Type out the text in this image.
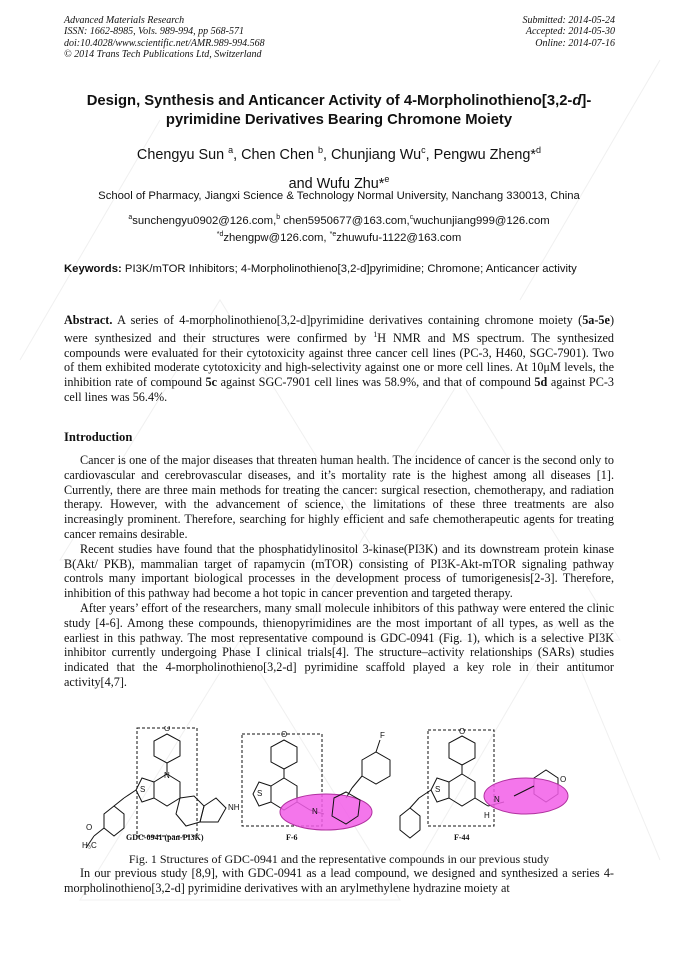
Advanced Materials Research
ISSN: 1662-8985, Vols. 989-994, pp 568-571
doi:10.4028/www.scientific.net/AMR.989-994.568
© 2014 Trans Tech Publications Ltd, Switzerland
Submitted: 2014-05-24
Accepted: 2014-05-30
Online: 2014-07-16
Design, Synthesis and Anticancer Activity of 4-Morpholinothieno[3,2-d]-
pyrimidine Derivatives Bearing Chromone Moiety
Chengyu Sun $^a$, Chen Chen $^b$, Chunjiang Wu$^c$, Pengwu Zheng*$^d$
and Wufu Zhu*$^e$
School of Pharmacy, Jiangxi Science & Technology Normal University, Nanchang 330013, China
$^a$sunchengyu0902@126.com,$^b$ chen5950677@163.com,$^c$wuchunjiang999@126.com
$^{*d}$zhengpw@126.com, $^{*e}$zhuwufu-1122@163.com
Keywords: PI3K/mTOR Inhibitors; 4-Morpholinothieno[3,2-d]pyrimidine; Chromone; Anticancer activity
Abstract. A series of 4-morpholinothieno[3,2-d]pyrimidine derivatives containing chromone moiety (5a-5e) were synthesized and their structures were confirmed by $^1$H NMR and MS spectrum. The synthesized compounds were evaluated for their cytotoxicity against three cancer cell lines (PC-3, H460, SGC-7901). Two of them exhibited moderate cytotoxicity and high-selectivity against one or more cell lines. At 10μM levels, the inhibition rate of compound 5c against SGC-7901 cell lines was 58.9%, and that of compound 5d against PC-3 cell lines was 56.4%.
Introduction

Cancer is one of the major diseases that threaten human health. The incidence of cancer is the second only to cardiovascular and cerebrovascular diseases, and it’s mortality rate is the highest among all diseases [1]. Currently, there are three main methods for treating the cancer: surgical resection, chemotherapy, and radiation therapy. However, with the advancement of science, the limitations of these three treatments are also increasingly prominent. Therefore, searching for highly efficient and safe chemotherapeutic agents for treating cancer remains desirable.

Recent studies have found that the phosphatidylinositol 3-kinase(PI3K) and its downstream protein kinase B(Akt/ PKB), mammalian target of rapamycin (mTOR) consisting of PI3K-Akt-mTOR signaling pathway controls many important biological processes in the development process of tumorigenesis[2-3]. Therefore, inhibition of this pathway had become a hot topic in cancer prevention and targeted therapy.

After years’ effort of the researchers, many small molecule inhibitors of this pathway were entered the clinic study [4-6]. Among these compounds, thienopyrimidines are the most important of all types, as well as the earliest in this pathway. The most representative compound is GDC-0941 (Fig. 1), which is a selective PI3K inhibitor currently undergoing Phase I clinical trials[4]. The structure–activity relationships (SARs) studies indicated that the 4-morpholinothieno[3,2-d] pyrimidine scaffold played a key role in their antitumor activity[4,7].

O
S
N
NH
O
H₃C
O
S
F
N
O
S
N
H
O
GDC-0941 (pan-PI3K)	F-6	F-44
Fig. 1 Structures of GDC-0941 and the representative compounds in our previous study

In our previous study [8,9], with GDC-0941 as a lead compound, we designed and synthesized a series 4-morpholinothieno[3,2-d] pyrimidine derivatives with an arylmethylene hydrazine moiety at
